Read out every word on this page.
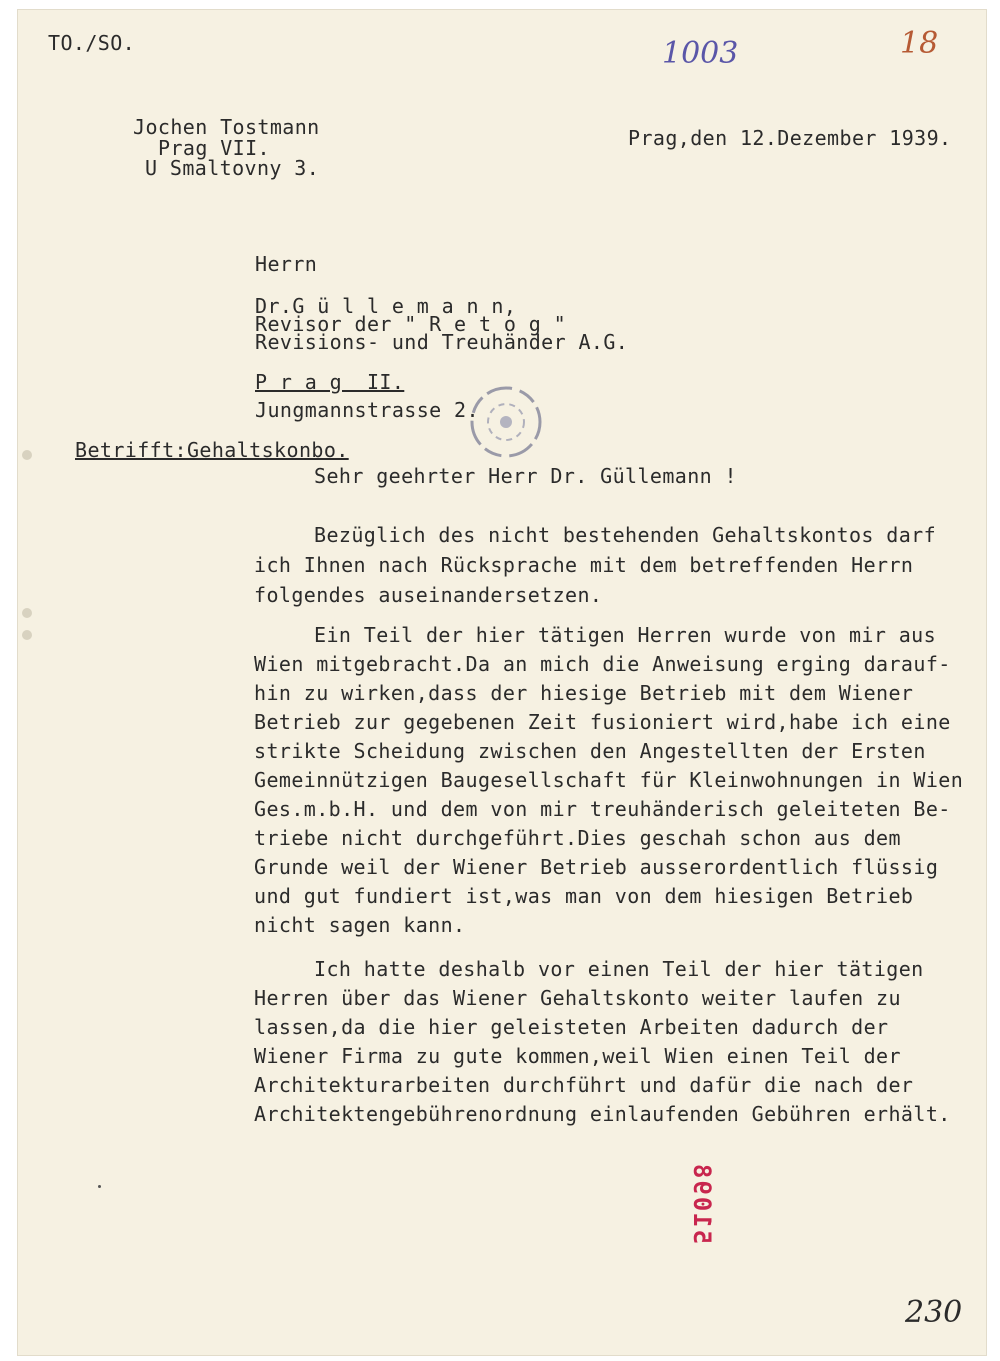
TO./SO.	1003	18
230
Jochen Tostmann
Prag VII.
U Smaltovny 3.
Prag,den 12.Dezember 1939.
Herrn
Dr.G ü l l e m a n n,
Revisor der " R e t o g "
Revisions- und Treuhänder A.G.
P r a g  II.
Jungmannstrasse 2.
Betrifft:Gehaltskonbo.
Sehr geehrter Herr Dr. Güllemann !
Bezüglich des nicht bestehenden Gehaltskontos darf
ich Ihnen nach Rücksprache mit dem betreffenden Herrn
folgendes auseinandersetzen.
Ein Teil der hier tätigen Herren wurde von mir aus
Wien mitgebracht.Da an mich die Anweisung erging darauf-
hin zu wirken,dass der hiesige Betrieb mit dem Wiener
Betrieb zur gegebenen Zeit fusioniert wird,habe ich eine
strikte Scheidung zwischen den Angestellten der Ersten
Gemeinnützigen Baugesellschaft für Kleinwohnungen in Wien
Ges.m.b.H. und dem von mir treuhänderisch geleiteten Be-
triebe nicht durchgeführt.Dies geschah schon aus dem
Grunde weil der Wiener Betrieb ausserordentlich flüssig
und gut fundiert ist,was man von dem hiesigen Betrieb
nicht sagen kann.
Ich hatte deshalb vor einen Teil der hier tätigen
Herren über das Wiener Gehaltskonto weiter laufen zu
lassen,da die hier geleisteten Arbeiten dadurch der
Wiener Firma zu gute kommen,weil Wien einen Teil der
Architekturarbeiten durchführt und dafür die nach der
Architektengebührenordnung einlaufenden Gebühren erhält.
51098
